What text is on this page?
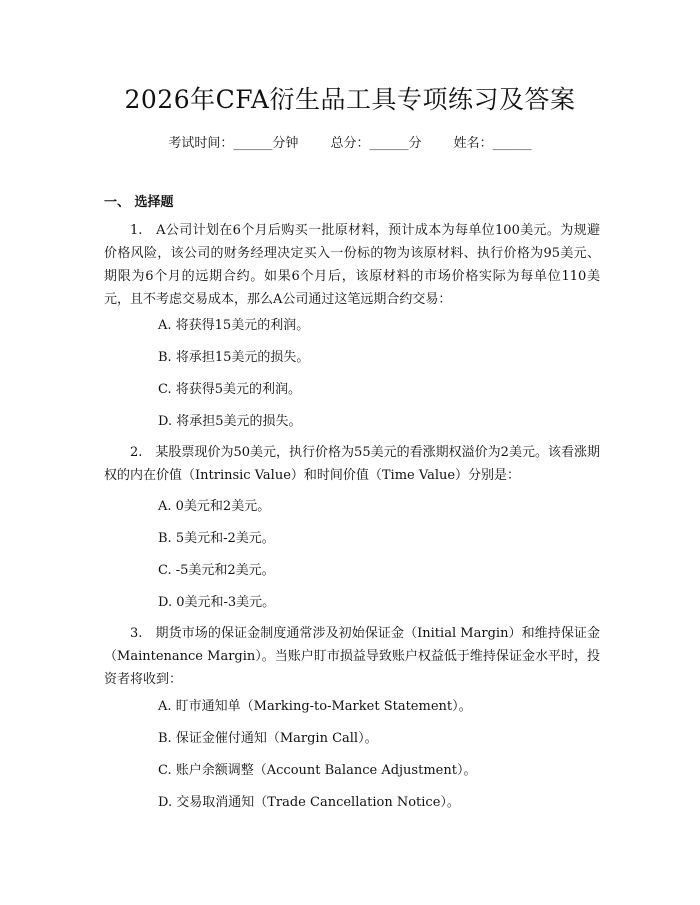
2026年CFA衍生品工具专项练习及答案
考试时间：______分钟 总分：______分 姓名：______
一、 选择题
1.　A公司计划在6个月后购买一批原材料，预计成本为每单位100美元。为规避价格风险，该公司的财务经理决定买入一份标的物为该原材料、执行价格为95美元、期限为6个月的远期合约。如果6个月后，该原材料的市场价格实际为每单位110美元，且不考虑交易成本，那么A公司通过这笔远期合约交易：
A. 将获得15美元的利润。
B. 将承担15美元的损失。
C. 将获得5美元的利润。
D. 将承担5美元的损失。
2.　某股票现价为50美元，执行价格为55美元的看涨期权溢价为2美元。该看涨期权的内在价值（Intrinsic Value）和时间价值（Time Value）分别是：
A. 0美元和2美元。
B. 5美元和-2美元。
C. -5美元和2美元。
D. 0美元和-3美元。
3.　期货市场的保证金制度通常涉及初始保证金（Initial Margin）和维持保证金（Maintenance Margin）。当账户盯市损益导致账户权益低于维持保证金水平时，投资者将收到：
A. 盯市通知单（Marking-to-Market Statement）。
B. 保证金催付通知（Margin Call）。
C. 账户余额调整（Account Balance Adjustment）。
D. 交易取消通知（Trade Cancellation Notice）。
